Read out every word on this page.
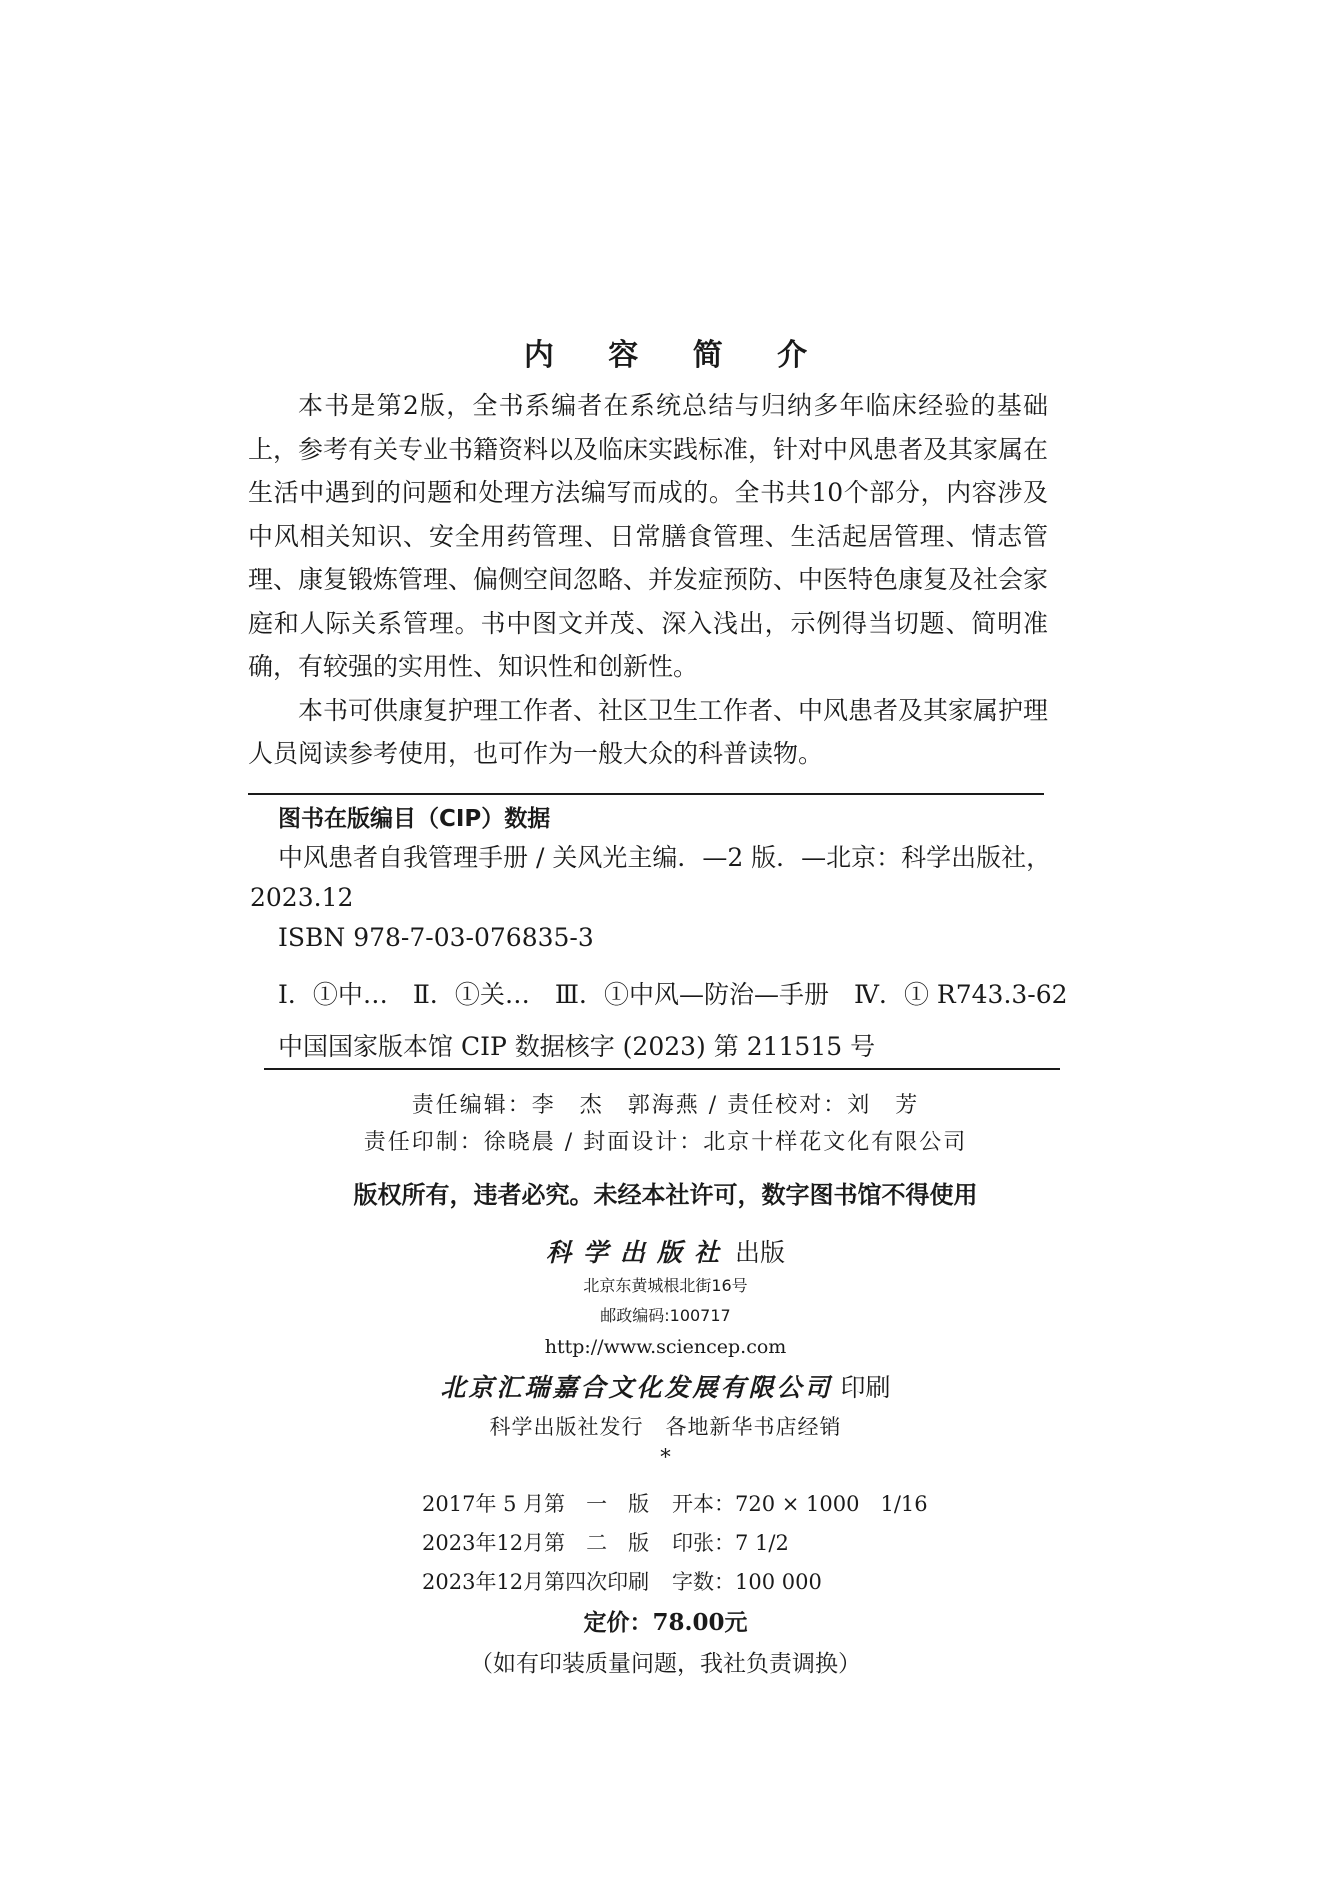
内 容 简 介

本书是第2版，全书系编者在系统总结与归纳多年临床经验的基础上，参考有关专业书籍资料以及临床实践标准，针对中风患者及其家属在生活中遇到的问题和处理方法编写而成的。全书共10个部分，内容涉及中风相关知识、安全用药管理、日常膳食管理、生活起居管理、情志管理、康复锻炼管理、偏侧空间忽略、并发症预防、中医特色康复及社会家庭和人际关系管理。书中图文并茂、深入浅出，示例得当切题、简明准确，有较强的实用性、知识性和创新性。

本书可供康复护理工作者、社区卫生工作者、中风患者及其家属护理人员阅读参考使用，也可作为一般大众的科普读物。

图书在版编目（CIP）数据
中风患者自我管理手册 / 关风光主编．—2 版．—北京：科学出版社，
2023.12
ISBN 978-7-03-076835-3
Ⅰ．①中…　Ⅱ．①关…　Ⅲ．①中风—防治—手册　Ⅳ．① R743.3-62
中国国家版本馆 CIP 数据核字 (2023) 第 211515 号
责任编辑：李　杰　郭海燕 / 责任校对：刘　芳
责任印制：徐晓晨 / 封面设计：北京十样花文化有限公司
版权所有，违者必究。未经本社许可，数字图书馆不得使用
科学出版社 出版
北京东黄城根北街16号
邮政编码:100717
http://www.sciencep.com
北京汇瑞嘉合文化发展有限公司 印刷
科学出版社发行　各地新华书店经销
*
2017年 5 月第　一　版 开本：720 × 1000　1/16
2023年12月第　二　版 印张：7 1/2
2023年12月第四次印刷 字数：100 000
定价：78.00元
（如有印装质量问题，我社负责调换）
